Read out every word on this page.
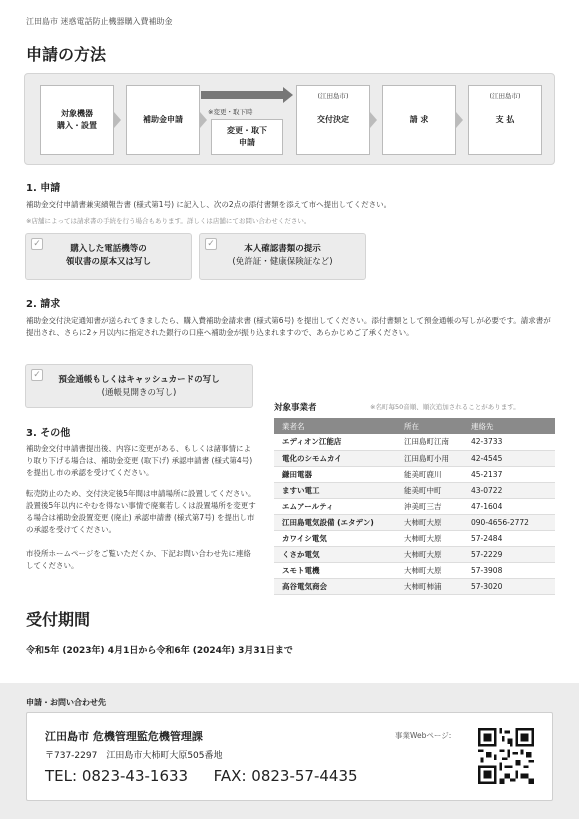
江田島市 迷惑電話防止機器購入費補助金
申請の方法
対象機器
購入・設置
補助金申請
※変更・取下時
変更・取下
申請
(江田島市)
交付決定	請 求
(江田島市)
支 払
1. 申請
補助金交付申請書兼実績報告書 (様式第1号) に記入し、次の2点の添付書類を添えて市へ提出してください。
※店舗によっては請求書の手続を行う場合もあります。詳しくは店舗にてお問い合わせください。
✓	購入した電話機等の
領収書の原本又は写し
✓	本人確認書類の提示
(免許証・健康保険証など)
2. 請求
補助金交付決定通知書が送られてきましたら、購入費補助金請求書 (様式第6号) を提出してください。添付書類として預金通帳の写しが必要です。請求書が提出され、さらに2ヶ月以内に指定された銀行の口座へ補助金が振り込まれますので、あらかじめご了承ください。
✓	預金通帳もしくはキャッシュカードの写し
(通帳見開きの写し)
3. その他
補助金交付申請書提出後、内容に変更がある、もしくは諸事情により取り下げる場合は、補助金変更 (取下げ) 承認申請書 (様式第4号) を提出し市の承認を受けてください。
転売防止のため、交付決定後5年間は申請場所に設置してください。設置後5年以内にやむを得ない事情で廃棄若しくは設置場所を変更する場合は補助金設置変更 (廃止) 承認申請書 (様式第7号) を提出し市の承認を受けてください。
市役所ホームページをご覧いただくか、下記お問い合わせ先に連絡してください。
対象事業者	※名町毎50音順、順次追加されることがあります。
業者名	所在	連絡先
エディオン江能店	江田島町江南	42-3733
電化のシモムカイ	江田島町小用	42-4545
鎌田電器	能美町鹿川	45-2137
ますい電工	能美町中町	43-0722
エムアールティ	沖美町三吉	47-1604
江田島電気設備 (エタデン)	大柿町大原	090-4656-2772
カワイシ電気	大柿町大原	57-2484
くさか電気	大柿町大原	57-2229
スモト電機	大柿町大原	57-3908
高谷電気商会	大柿町柿浦	57-3020
受付期間
令和5年 (2023年) 4月1日から令和6年 (2024年) 3月31日まで
申請・お問い合わせ先
江田島市 危機管理監危機管理課
〒737-2297　江田島市大柿町大原505番地
TEL: 0823-43-1633 FAX: 0823-57-4435
事業Webページ:
